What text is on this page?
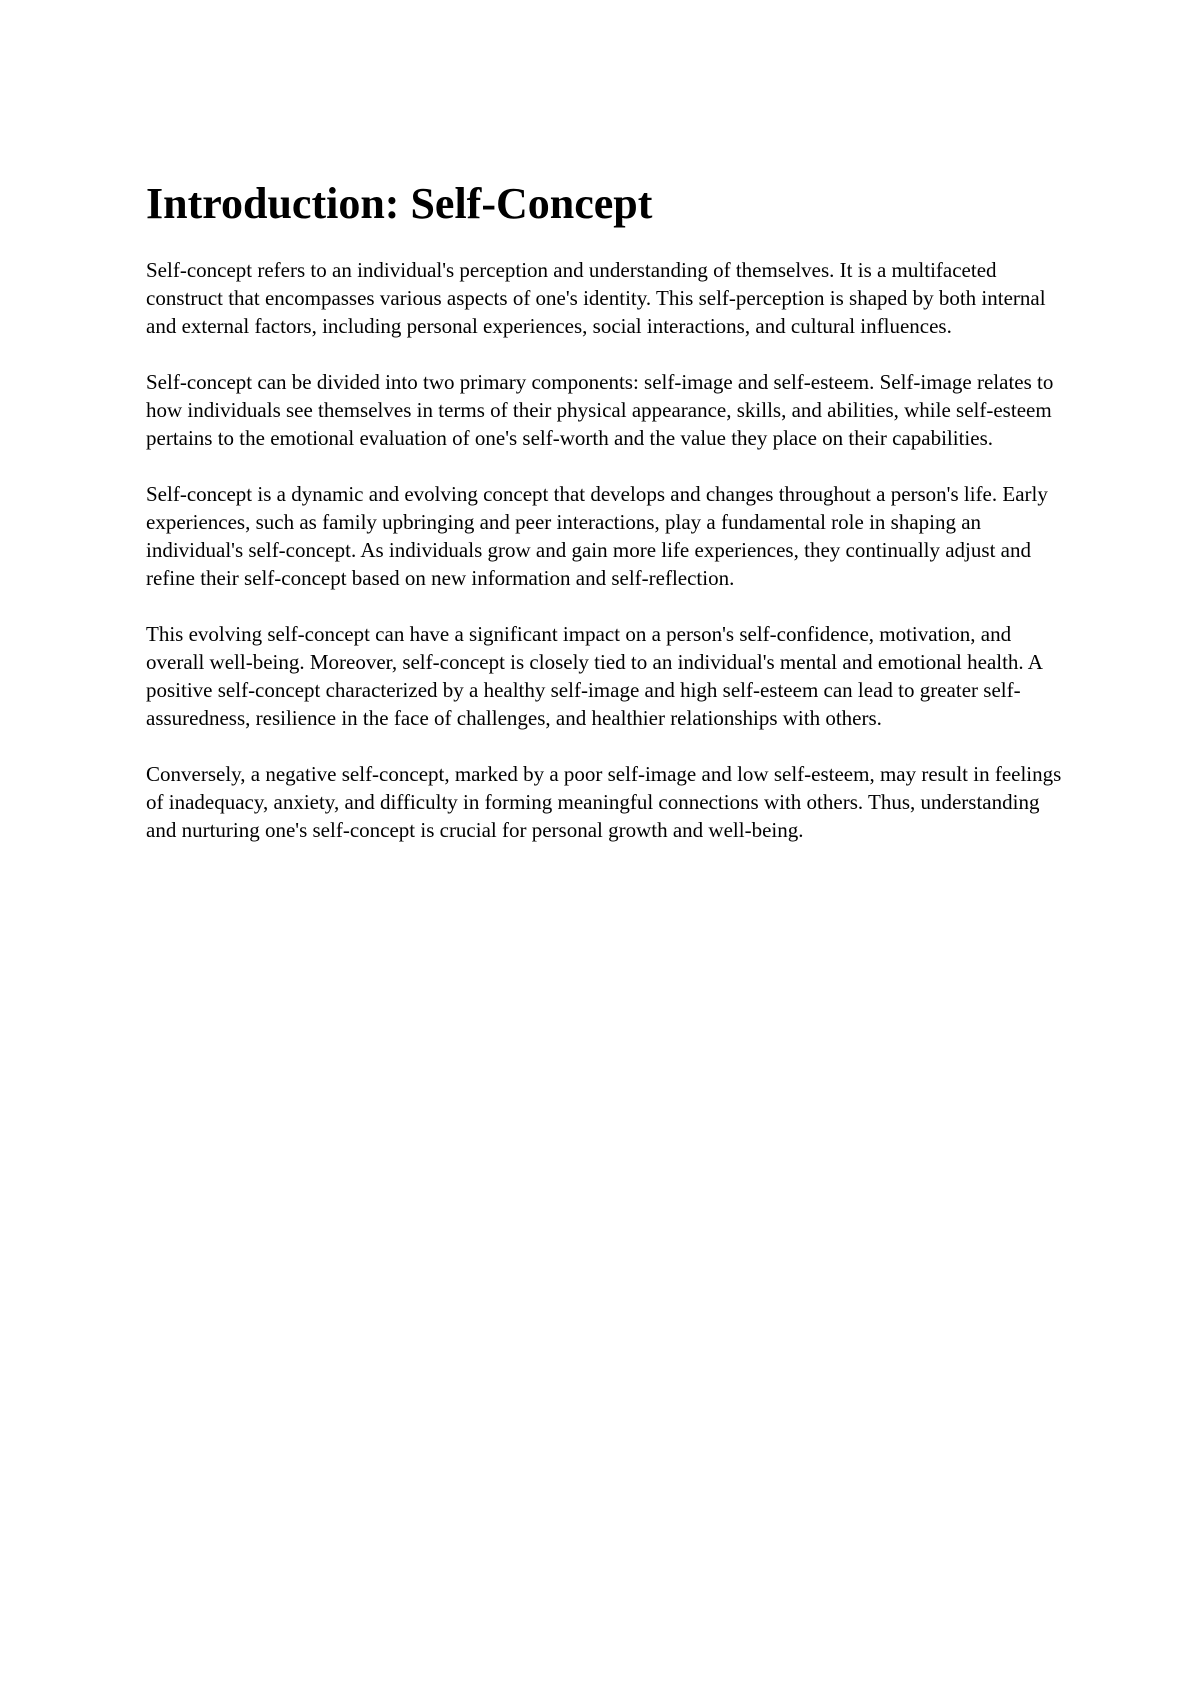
Introduction: Self-Concept

Self-concept refers to an individual's perception and understanding of themselves. It is a multifaceted construct that encompasses various aspects of one's identity. This self-perception is shaped by both internal and external factors, including personal experiences, social interactions, and cultural influences.

Self-concept can be divided into two primary components: self-image and self-esteem. Self-image relates to how individuals see themselves in terms of their physical appearance, skills, and abilities, while self-esteem pertains to the emotional evaluation of one's self-worth and the value they place on their capabilities.

Self-concept is a dynamic and evolving concept that develops and changes throughout a person's life. Early experiences, such as family upbringing and peer interactions, play a fundamental role in shaping an individual's self-concept. As individuals grow and gain more life experiences, they continually adjust and refine their self-concept based on new information and self-reflection.

This evolving self-concept can have a significant impact on a person's self-confidence, motivation, and overall well-being. Moreover, self-concept is closely tied to an individual's mental and emotional health. A positive self-concept characterized by a healthy self-image and high self-esteem can lead to greater self-assuredness, resilience in the face of challenges, and healthier relationships with others.

Conversely, a negative self-concept, marked by a poor self-image and low self-esteem, may result in feelings of inadequacy, anxiety, and difficulty in forming meaningful connections with others. Thus, understanding and nurturing one's self-concept is crucial for personal growth and well-being.
